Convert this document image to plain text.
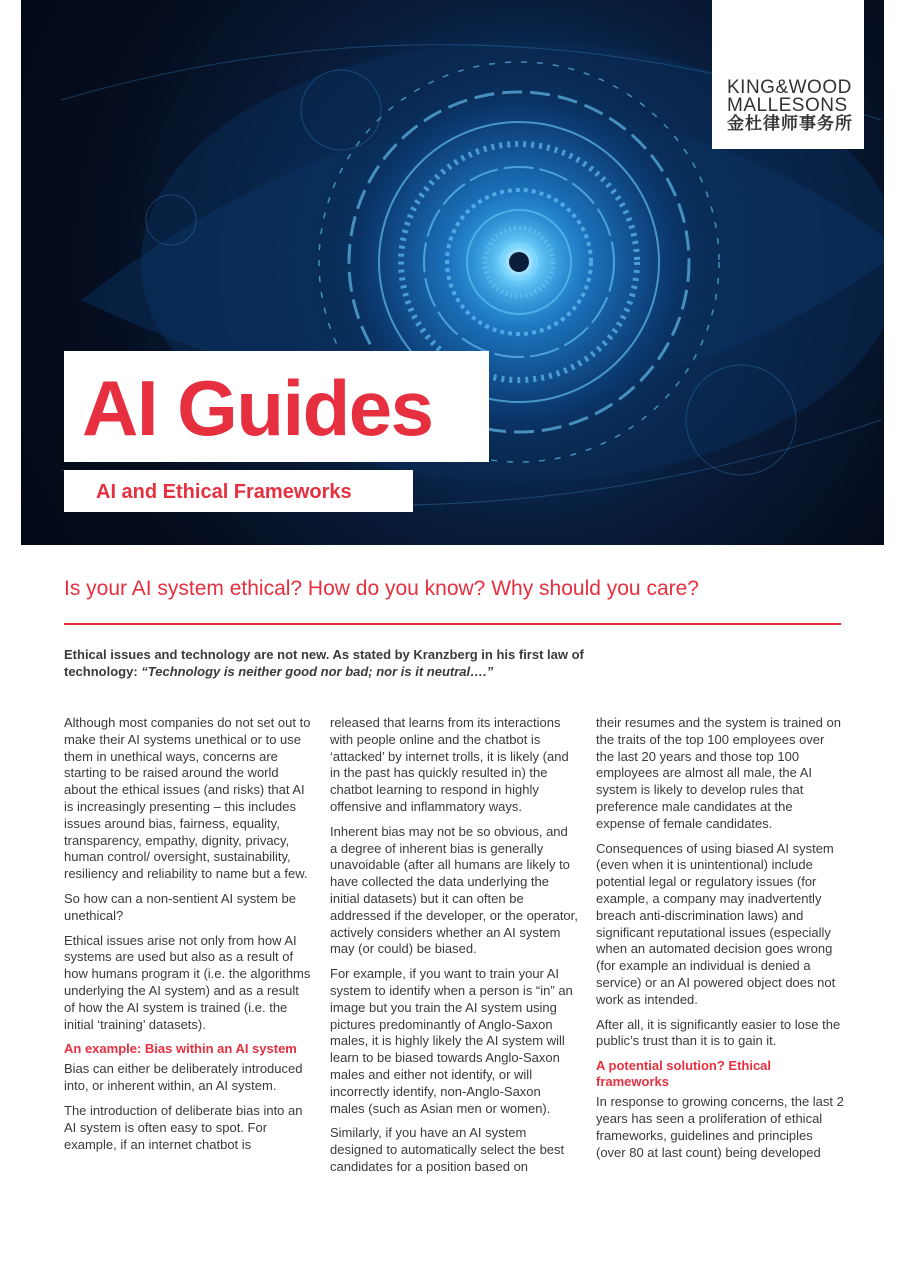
KING&WOOD
MALLESONS
金杜律师事务所
AI Guides
AI and Ethical Frameworks
Is your AI system ethical? How do you know? Why should you care?
Ethical issues and technology are not new. As stated by Kranzberg in his first law of technology: “Technology is neither good nor bad; nor is it neutral….”

Although most companies do not set out to make their AI systems unethical or to use them in unethical ways, concerns are starting to be raised around the world about the ethical issues (and risks) that AI is increasingly presenting – this includes issues around bias, fairness, equality, transparency, empathy, dignity, privacy, human control/ oversight, sustainability, resiliency and reliability to name but a few.

So how can a non-sentient AI system be unethical?

Ethical issues arise not only from how AI systems are used but also as a result of how humans program it (i.e. the algorithms underlying the AI system) and as a result of how the AI system is trained (i.e. the initial ‘training’ datasets).

An example: Bias within an AI system

Bias can either be deliberately introduced into, or inherent within, an AI system.

The introduction of deliberate bias into an AI system is often easy to spot. For example, if an internet chatbot is

released that learns from its interactions with people online and the chatbot is ‘attacked’ by internet trolls, it is likely (and in the past has quickly resulted in) the chatbot learning to respond in highly offensive and inflammatory ways.

Inherent bias may not be so obvious, and a degree of inherent bias is generally unavoidable (after all humans are likely to have collected the data underlying the initial datasets) but it can often be addressed if the developer, or the operator, actively considers whether an AI system may (or could) be biased.

For example, if you want to train your AI system to identify when a person is “in” an image but you train the AI system using pictures predominantly of Anglo-Saxon males, it is highly likely the AI system will learn to be biased towards Anglo-Saxon males and either not identify, or will incorrectly identify, non-Anglo-Saxon males (such as Asian men or women).

Similarly, if you have an AI system designed to automatically select the best candidates for a position based on

their resumes and the system is trained on the traits of the top 100 employees over the last 20 years and those top 100 employees are almost all male, the AI system is likely to develop rules that preference male candidates at the expense of female candidates.

Consequences of using biased AI system (even when it is unintentional) include potential legal or regulatory issues (for example, a company may inadvertently breach anti-discrimination laws) and significant reputational issues (especially when an automated decision goes wrong (for example an individual is denied a service) or an AI powered object does not work as intended.

After all, it is significantly easier to lose the public’s trust than it is to gain it.

A potential solution? Ethical frameworks

In response to growing concerns, the last 2 years has seen a proliferation of ethical frameworks, guidelines and principles (over 80 at last count) being developed
